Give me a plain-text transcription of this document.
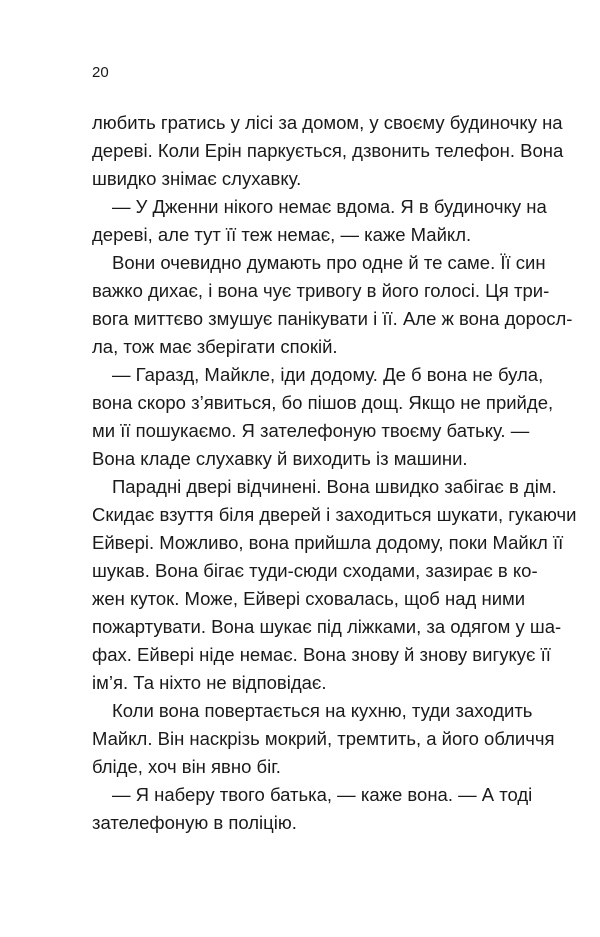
20
любить гратись у лісі за домом, у своєму будиночку на
дереві. Коли Ерін паркується, дзвонить телефон. Вона
швидко знімає слухавку.
— У Дженни нікого немає вдома. Я в будиночку на
дереві, але тут її теж немає, — каже Майкл.
Вони очевидно думають про одне й те саме. Її син
важко дихає, і вона чує тривогу в його голосі. Ця три-
вога миттєво змушує панікувати і її. Але ж вона доросл-
ла, тож має зберігати спокій.
— Гаразд, Майкле, іди додому. Де б вона не була,
вона скоро з’явиться, бо пішов дощ. Якщо не прийде,
ми її пошукаємо. Я зателефоную твоєму батьку. —
Вона кладе слухавку й виходить із машини.
Парадні двері відчинені. Вона швидко забігає в дім.
Скидає взуття біля дверей і заходиться шукати, гукаючи
Ейвері. Можливо, вона прийшла додому, поки Майкл її
шукав. Вона бігає туди-сюди сходами, зазирає в ко-
жен куток. Може, Ейвері сховалась, щоб над ними
пожартувати. Вона шукає під ліжками, за одягом у ша-
фах. Ейвері ніде немає. Вона знову й знову вигукує її
ім’я. Та ніхто не відповідає.
Коли вона повертається на кухню, туди заходить
Майкл. Він наскрізь мокрий, тремтить, а його обличчя
бліде, хоч він явно біг.
— Я наберу твого батька, — каже вона. — А тоді
зателефоную в поліцію.
